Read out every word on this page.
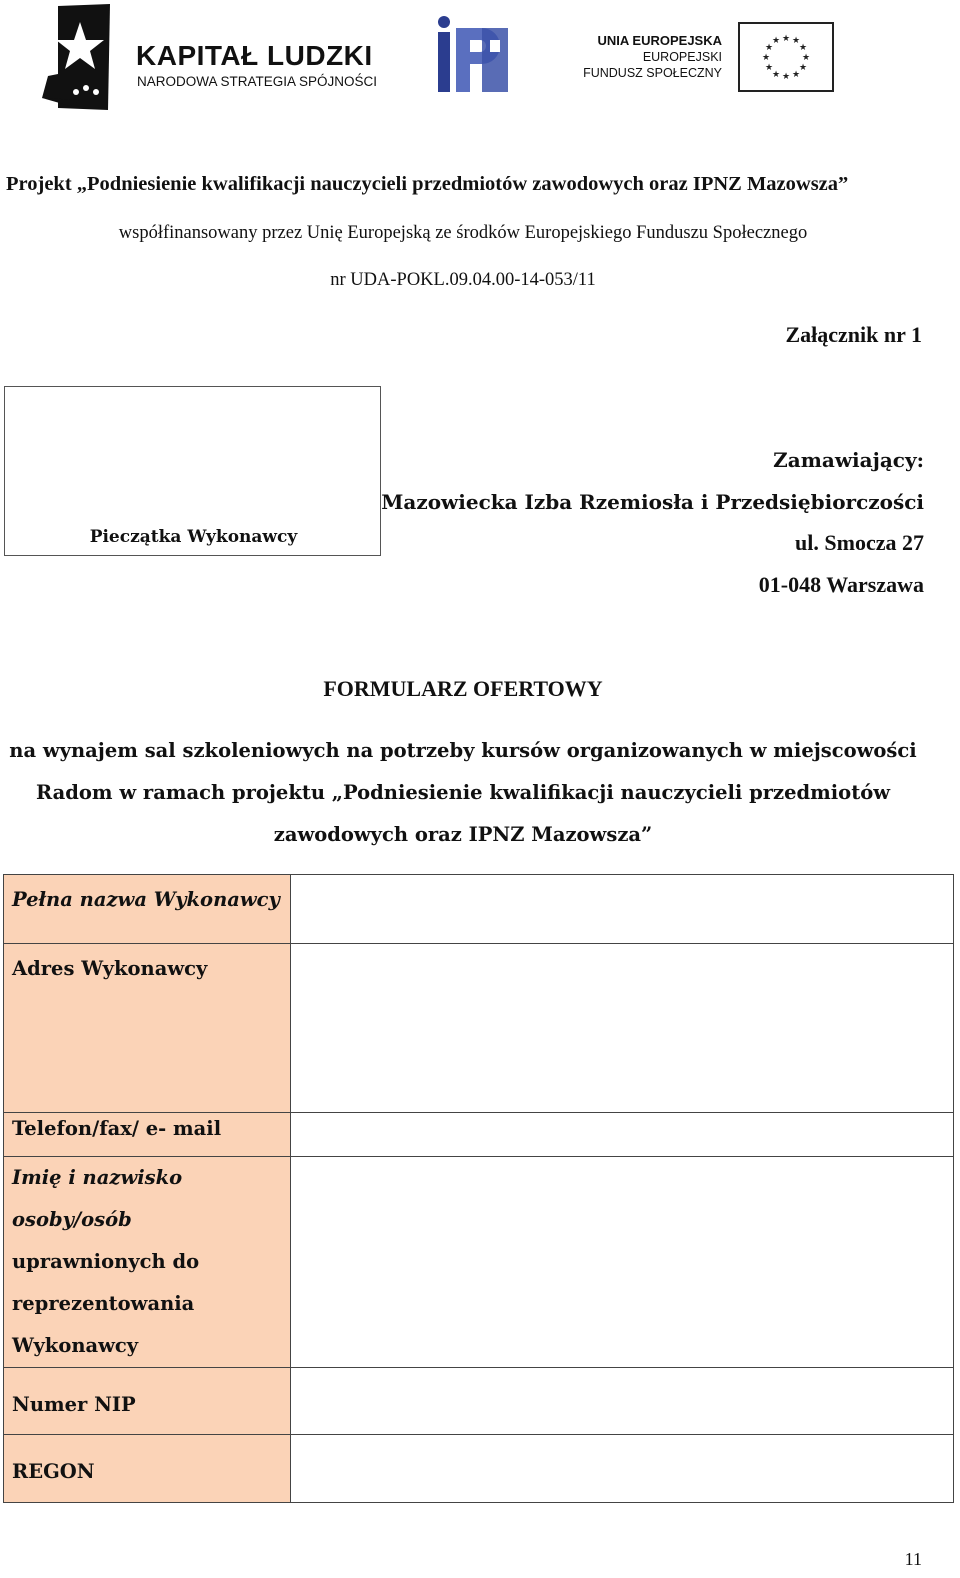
KAPITAŁ LUDZKI
NARODOWA STRATEGIA SPÓJNOŚCI
UNIA EUROPEJSKA
EUROPEJSKI
FUNDUSZ SPOŁECZNY
★ ★
★
★
★
★
★
★
★
★
★
★
Projekt „Podniesienie kwalifikacji nauczycieli przedmiotów zawodowych oraz IPNZ Mazowsza”
współfinansowany przez Unię Europejską ze środków Europejskiego Funduszu Społecznego
nr UDA-POKL.09.04.00-14-053/11
Załącznik nr 1
Pieczątka Wykonawcy
Zamawiający:
Mazowiecka Izba Rzemiosła i Przedsiębiorczości
ul. Smocza 27
01-048 Warszawa
FORMULARZ OFERTOWY
na wynajem sal szkoleniowych na potrzeby kursów organizowanych w miejscowości
Radom w ramach projektu „Podniesienie kwalifikacji nauczycieli przedmiotów
zawodowych oraz IPNZ Mazowsza”
Pełna nazwa Wykonawcy	
Adres Wykonawcy	
Telefon/fax/ e- mail	

Imię i nazwisko osoby/osób
uprawnionych do
reprezentowania
Wykonawcy	

Numer NIP	
REGON	
11
